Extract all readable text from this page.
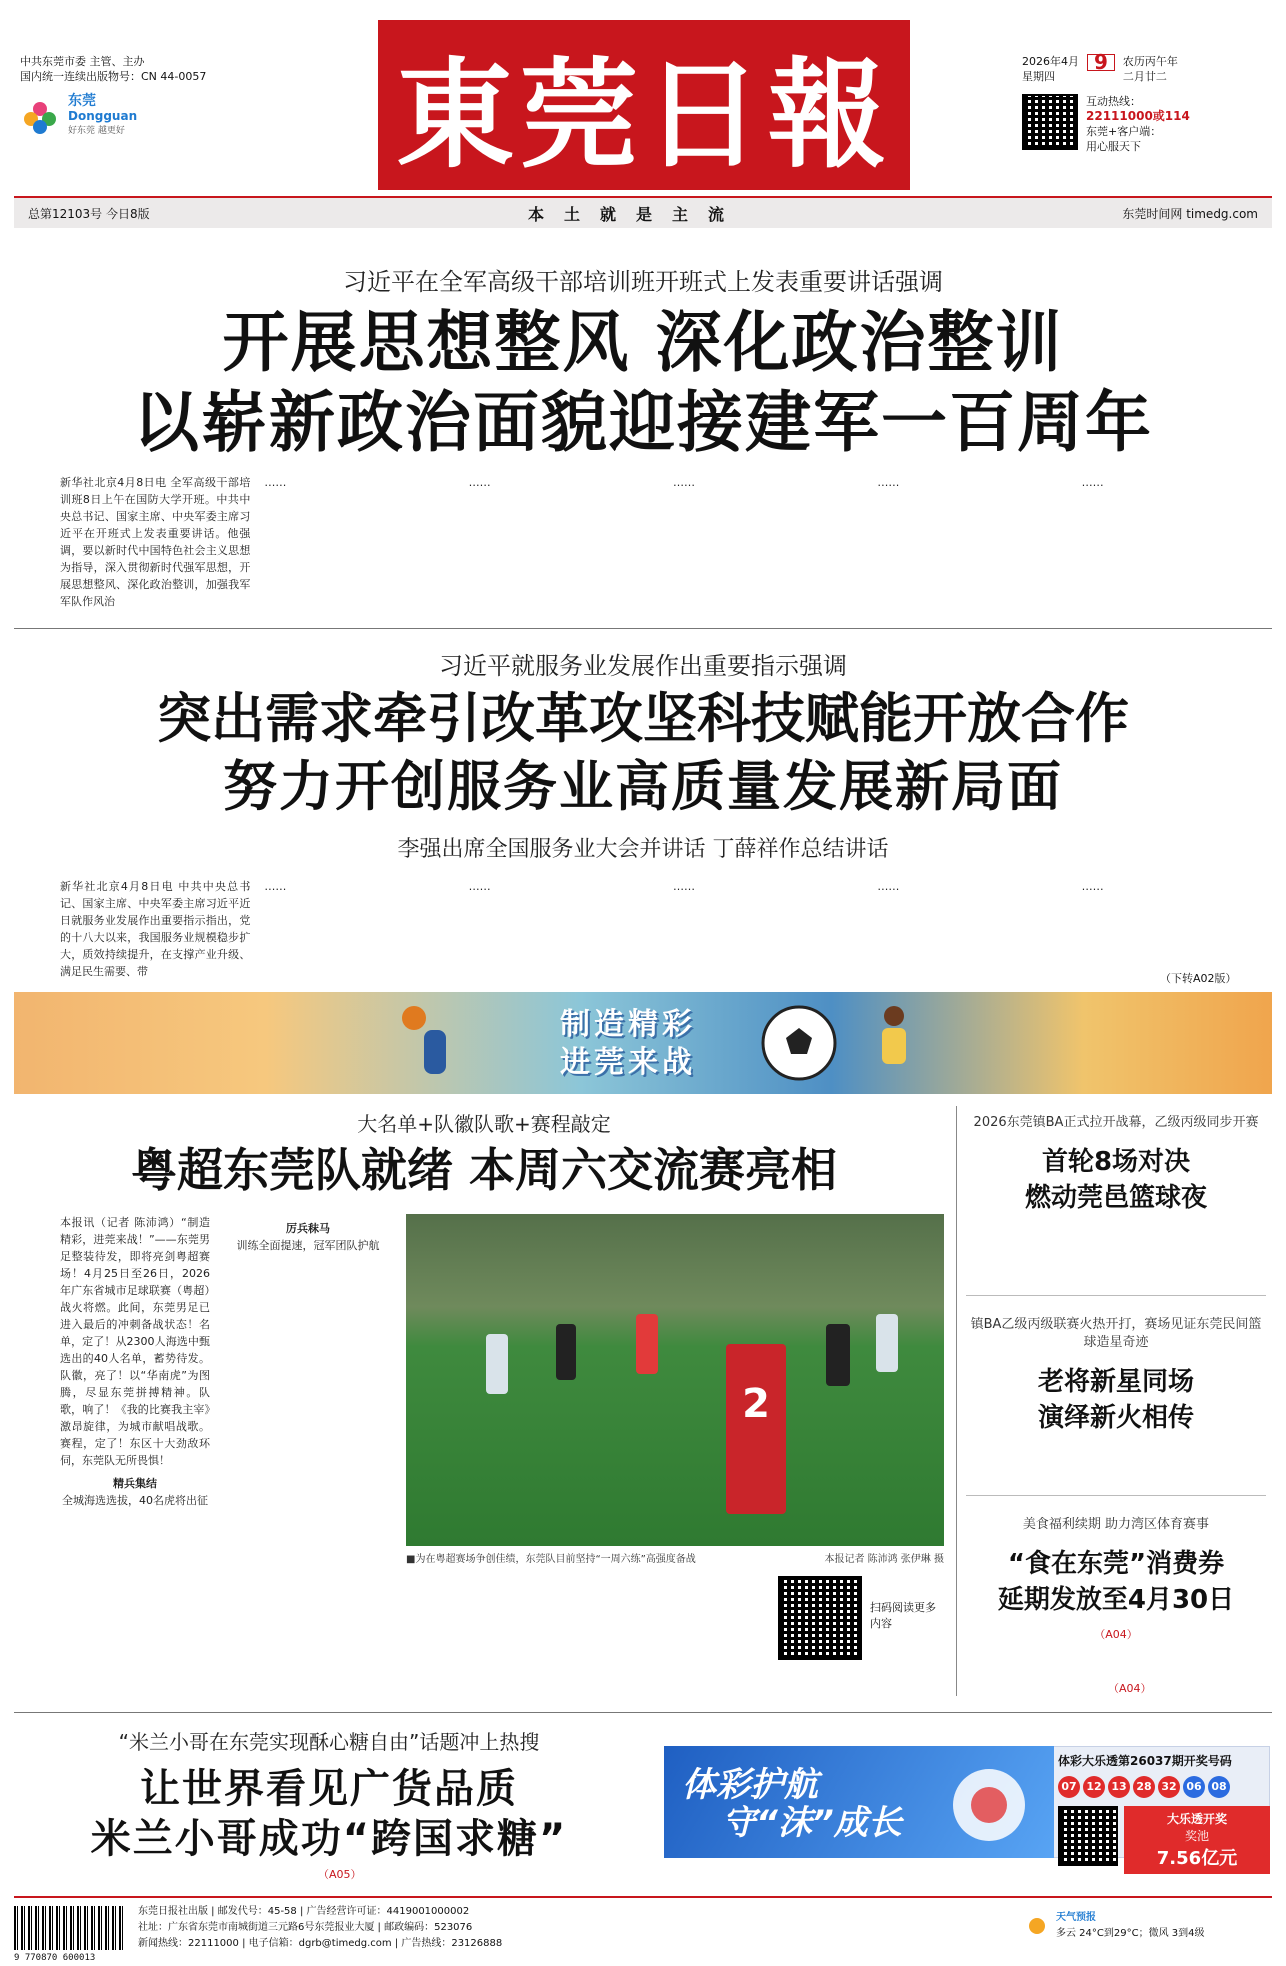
中共东莞市委 主管、主办
国内统一连续出版物号：CN 44-0057
东莞
Dongguan
好东莞 越更好 東莞日報	2026年4月
星期四
9	农历丙午年
二月廿二
互动热线：
22111000或114
东莞+客户端：
用心服天下
总第12103号 今日8版	本土就是主流	东莞时间网 timedg.com
习近平在全军高级干部培训班开班式上发表重要讲话强调
开展思想整风 深化政治整训
以崭新政治面貌迎接建军一百周年

新华社北京4月8日电 全军高级干部培训班8日上午在国防大学开班。中共中央总书记、国家主席、中央军委主席习近平在开班式上发表重要讲话。他强调，要以新时代中国特色社会主义思想为指导，深入贯彻新时代强军思想，开展思想整风、深化政治整训，加强我军军队作风治

……	……	……	……	……

习近平就服务业发展作出重要指示强调
突出需求牵引改革攻坚科技赋能开放合作
努力开创服务业高质量发展新局面
李强出席全国服务业大会并讲话 丁薛祥作总结讲话

新华社北京4月8日电 中共中央总书记、国家主席、中央军委主席习近平近日就服务业发展作出重要指示指出，党的十八大以来，我国服务业规模稳步扩大，质效持续提升，在支撑产业升级、满足民生需要、带

……	……	……	……	……

（下转A02版）
制造精彩
进莞来战
大名单+队徽队歌+赛程敲定
粤超东莞队就绪 本周六交流赛亮相

本报讯（记者 陈沛鸿）“制造精彩，进莞来战！”——东莞男足整装待发，即将亮剑粤超赛场！4月25日至26日，2026年广东省城市足球联赛（粤超）战火将燃。此间，东莞男足已进入最后的冲刺备战状态！名单，定了！从2300人海选中甄选出的40人名单，蓄势待发。队徽，亮了！以“华南虎”为图腾，尽显东莞拼搏精神。队歌，响了！《我的比赛我主宰》激昂旋律，为城市献唱战歌。赛程，定了！东区十大劲敌环伺，东莞队无所畏惧！

精兵集结

全城海选选拔，40名虎将出征

厉兵秣马

训练全面提速，冠军团队护航

2
■为在粤超赛场争创佳绩，东莞队目前坚持“一周六练”高强度备战	本报记者 陈沛鸿 张伊琳 摄

扫码阅读更多内容
（A04）
2026东莞镇BA正式拉开战幕，乙级丙级同步开赛
首轮8场对决
燃动莞邑篮球夜
镇BA乙级丙级联赛火热开打，赛场见证东莞民间篮球造星奇迹
老将新星同场
演绎新火相传
美食福利续期 助力湾区体育赛事
“食在东莞”消费券
延期发放至4月30日
（A04）
“米兰小哥在东莞实现酥心糖自由”话题冲上热搜
让世界看见广货品质
米兰小哥成功“跨国求糖”
（A05）
体彩护航
守“沫”成长
体彩大乐透第26037期开奖号码
07 12 13 28 32 06 08
大乐透开奖
奖池
7.56亿元
9 770870 600013
东莞日报社出版 | 邮发代号：45-58 | 广告经营许可证：4419001000002
社址：广东省东莞市南城街道三元路6号东莞报业大厦 | 邮政编码：523076
新闻热线：22111000 | 电子信箱：dgrb@timedg.com | 广告热线：23126888
天气预报
多云 24°C到29°C；微风 3到4级
